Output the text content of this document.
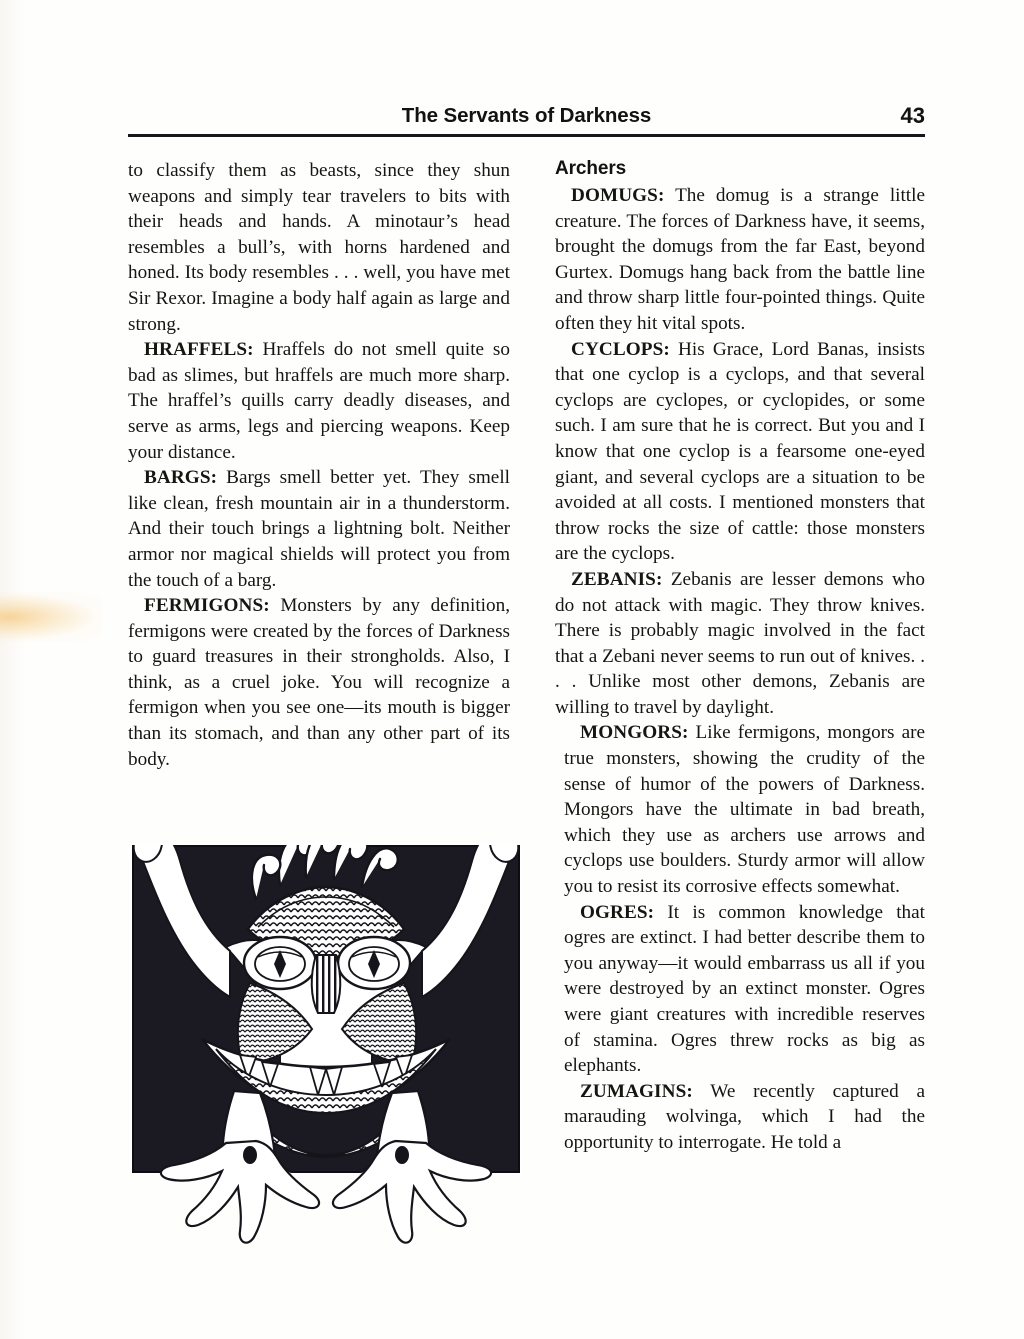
The Servants of Darkness	43

to classify them as beasts, since they shun weapons and simply tear travelers to bits with their heads and hands. A minotaur’s head resembles a bull’s, with horns hardened and honed. Its body resembles . . . well, you have met Sir Rexor. Imagine a body half again as large and strong.

HRAFFELS: Hraffels do not smell quite so bad as slimes, but hraffels are much more sharp. The hraffel’s quills carry deadly diseases, and serve as arms, legs and piercing weapons. Keep your distance.

BARGS: Bargs smell better yet. They smell like clean, fresh mountain air in a thunderstorm. And their touch brings a lightning bolt. Neither armor nor magical shields will protect you from the touch of a barg.

FERMIGONS: Monsters by any definition, fermigons were created by the forces of Darkness to guard treasures in their strongholds. Also, I think, as a cruel joke. You will recognize a fermigon when you see one—its mouth is bigger than its stomach, and than any other part of its body.

Archers

DOMUGS: The domug is a strange little creature. The forces of Darkness have, it seems, brought the domugs from the far East, beyond Gurtex. Domugs hang back from the battle line and throw sharp little four-pointed things. Quite often they hit vital spots.

CYCLOPS: His Grace, Lord Banas, insists that one cyclop is a cyclops, and that several cyclops are cyclopes, or cyclopides, or some such. I am sure that he is correct. But you and I know that one cyclop is a fearsome one-eyed giant, and several cyclops are a situation to be avoided at all costs. I mentioned monsters that throw rocks the size of cattle: those monsters are the cyclops.

ZEBANIS: Zebanis are lesser demons who do not attack with magic. They throw knives. There is probably magic involved in the fact that a Zebani never seems to run out of knives. . . . Unlike most other demons, Zebanis are willing to travel by daylight.

MONGORS: Like fermigons, mongors are true monsters, showing the crudity of the sense of humor of the powers of Darkness. Mongors have the ultimate in bad breath, which they use as archers use arrows and cyclops use boulders. Sturdy armor will allow you to resist its corrosive effects somewhat.

OGRES: It is common knowledge that ogres are extinct. I had better describe them to you anyway—it would embarrass us all if you were destroyed by an extinct monster. Ogres were giant creatures with incredible reserves of stamina. Ogres threw rocks as big as elephants.

ZUMAGINS: We recently captured a marauding wolvinga, which I had the opportunity to interrogate. He told a
